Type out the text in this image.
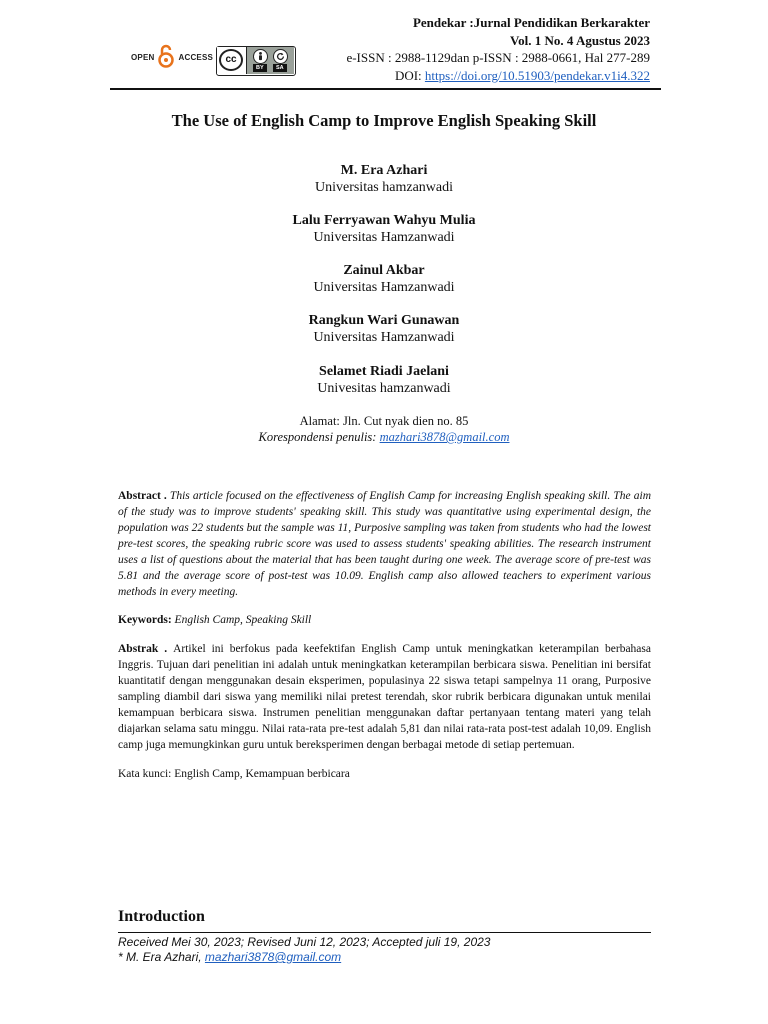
OPEN	ACCESS	cc
BY	SA
Pendekar :Jurnal Pendidikan Berkarakter
Vol. 1 No. 4 Agustus 2023
e-ISSN : 2988-1129dan p-ISSN : 2988-0661, Hal 277-289
DOI: https://doi.org/10.51903/pendekar.v1i4.322
The Use of English Camp to Improve English Speaking Skill
M. Era Azhari
Universitas hamzanwadi
Lalu Ferryawan Wahyu Mulia
Universitas Hamzanwadi
Zainul Akbar
Universitas Hamzanwadi
Rangkun Wari Gunawan
Universitas Hamzanwadi
Selamet Riadi Jaelani
Univesitas hamzanwadi
Alamat: Jln. Cut nyak dien no. 85
Korespondensi penulis: mazhari3878@gmail.com
Abstract . This article focused on the effectiveness of English Camp for increasing English speaking skill. The aim of the study was to improve students' speaking skill. This study was quantitative using experimental design, the population was 22 students but the sample was 11, Purposive sampling was taken from students who had the lowest pre-test scores, the speaking rubric score was used to assess students' speaking abilities. The research instrument uses a list of questions about the material that has been taught during one week. The average score of pre-test was 5.81 and the average score of post-test was 10.09. English camp also allowed teachers to experiment various methods in every meeting.
Keywords: English Camp, Speaking Skill
Abstrak . Artikel ini berfokus pada keefektifan English Camp untuk meningkatkan keterampilan berbahasa Inggris. Tujuan dari penelitian ini adalah untuk meningkatkan keterampilan berbicara siswa. Penelitian ini bersifat kuantitatif dengan menggunakan desain eksperimen, populasinya 22 siswa tetapi sampelnya 11 orang, Purposive sampling diambil dari siswa yang memiliki nilai pretest terendah, skor rubrik berbicara digunakan untuk menilai kemampuan berbicara siswa. Instrumen penelitian menggunakan daftar pertanyaan tentang materi yang telah diajarkan selama satu minggu. Nilai rata-rata pre-test adalah 5,81 dan nilai rata-rata post-test adalah 10,09. English camp juga memungkinkan guru untuk bereksperimen dengan berbagai metode di setiap pertemuan.
Kata kunci: English Camp, Kemampuan berbicara
Introduction
Received Mei 30, 2023; Revised Juni 12, 2023; Accepted juli 19, 2023
* M. Era Azhari, mazhari3878@gmail.com
